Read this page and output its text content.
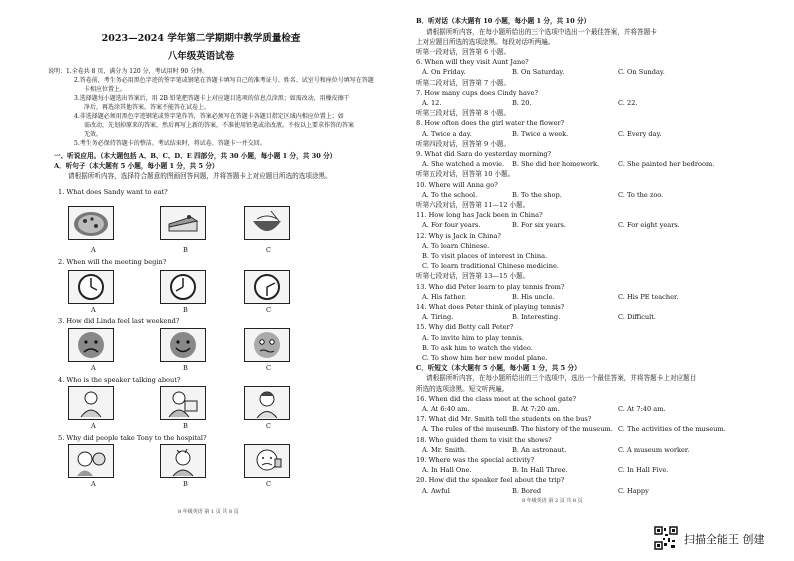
2023—2024 学年第二学期期中教学质量检查
八年级英语试卷
说明：1.全卷共 8 页，满分为 120 分，考试用时 90 分钟。
2.答卷前，考生务必用黑色字迹的签字笔或钢笔在答题卡填写自己的准考证号、姓名、试室号和座位号填写在答题
卡相应位置上。
3.选择题每小题选出答案后，用 2B 铅笔把答题卡上对应题目选项的信息点涂黑；如需改动，用橡皮擦干
净后，再选涂其他答案，答案不能答在试卷上。
4.非选择题必须用黑色字迹钢笔或签字笔作答，答案必须写在答题卡各题目指定区域内相应位置上；如
需改动，先划掉原来的答案，然后再写上新的答案，不准使用铅笔或涂改液。不按以上要求作答的答案
无效。
5.考生务必保持答题卡的整洁。考试结束时，将试卷、答题卡一并交回。
一、听说应用。（本大题包括 A、B、C、D、E 四部分，共 30 小题，每小题 1 分，共 30 分）
A．听句子（本大题有 5 小题，每小题 1 分，共 5 分）
请根据所听内容，选择符合题意的图画回答问题，并将答题卡上对应题目所选的选项涂黑。
1. What does Sandy want to eat?
A	B	C
2. When will the meeting begin?
A	B	C
3. How did Linda feel last weekend?
A	B	C
4. Who is the speaker talking about?
A	B	C
5. Why did people take Tony to the hospital?
A	B	C
8 年级英语 第 1 页 共 8 页
B．听对话（本大题有 10 小题，每小题 1 分，共 10 分）
请根据所听内容，在每小题所给出的三个选项中选出一个最佳答案，并将答题卡
上对应题目所选的选项涂黑。每段对话听两遍。
听第一段对话，回答第 6 小题。
6. When will they visit Aunt Jane?
A. On Friday.	B. On Saturday.	C. On Sunday.
听第二段对话，回答第 7 小题。
7. How many cups does Cindy have?
A. 12.	B. 20.	C. 22.
听第三段对话，回答第 8 小题。
8. How often does the girl water the flower?
A. Twice a day.	B. Twice a week.	C. Every day.
听第四段对话，回答第 9 小题。
9. What did Sara do yesterday morning?
A. She watched a movie. B. She did her homework.	C. She painted her bedroom.
听第五段对话，回答第 10 小题。
10. Where will Anna go?
A. To the school.	B. To the shop.	C. To the zoo.
听第六段对话，回答第 11—12 小题。
11. How long has Jack been in China?
A. For four years.	B. For six years.	C. For eight years.
12. Why is Jack in China?
A. To learn Chinese.
B. To visit places of interest in China.
C. To learn traditional Chinese medicine.
听第七段对话，回答第 13—15 小题。
13. Who did Peter learn to play tennis from?
A. His father.	B. His uncle.	C. His PE teacher.
14. What does Peter think of playing tennis?
A. Tiring.	B. Interesting.	C. Difficult.
15. Why did Betty call Peter?
A. To invite him to play tennis.
B. To ask him to watch the video.
C. To show him her new model plane.
C．听短文（本大题有 5 小题，每小题 1 分，共 5 分）
请根据所听内容，在每小题所给出的三个选项中，选出一个最佳答案，并将答题卡上对应题目
所选的选项涂黑。短文听两遍。
16. When did the class meet at the school gate?
A. At 6:40 am.	B. At 7:20 am.	C. At 7:40 am.
17. What did Mr. Smith tell the students on the bus?
A. The rules of the museum.
B. The history of the museum. C. The activities of the museum.
18. Who guided them to visit the shows?
A. Mr. Smith.	B. An astronaut.	C. A museum worker.
19. Where was the special activity?
A. In Hall One.	B. In Hall Three.	C. In Hall Five.
20. How did the speaker feel about the trip?
A. Awful	B. Bored	C. Happy
8 年级英语 第 2 页 共 8 页
扫描全能王 创建
